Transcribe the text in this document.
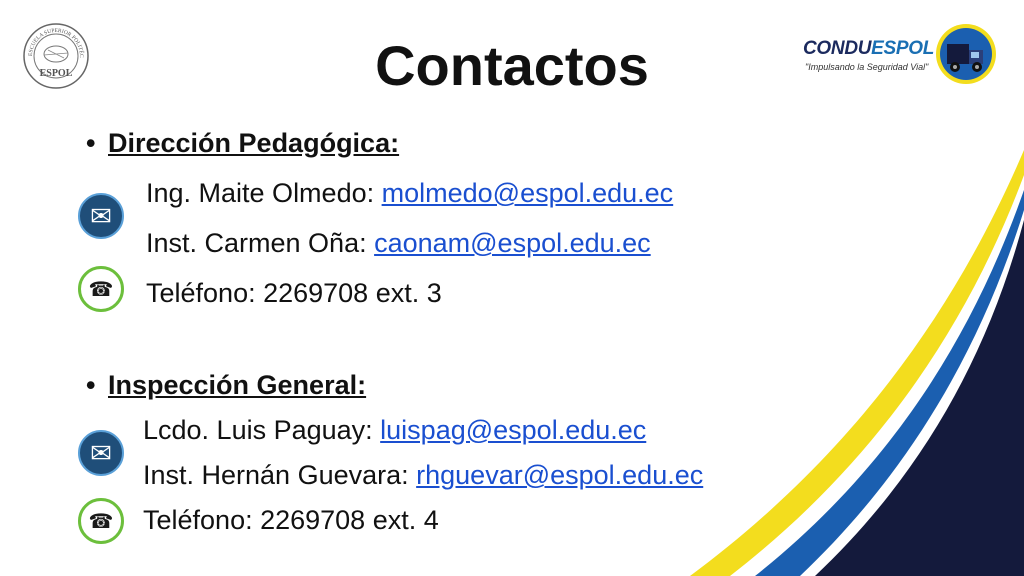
ESCUELA SUPERIOR POLITÉC
ESPOL	Contactos	CONDUESPOL
"Impulsando la Seguridad Vial"
• Dirección Pedagógica:
✉
Ing. Maite Olmedo: molmedo@espol.edu.ec
Inst. Carmen Oña: caonam@espol.edu.ec
☎	Teléfono: 2269708 ext. 3
• Inspección General:
✉
Lcdo. Luis Paguay: luispag@espol.edu.ec
Inst. Hernán Guevara: rhguevar@espol.edu.ec
☎	Teléfono: 2269708 ext. 4
